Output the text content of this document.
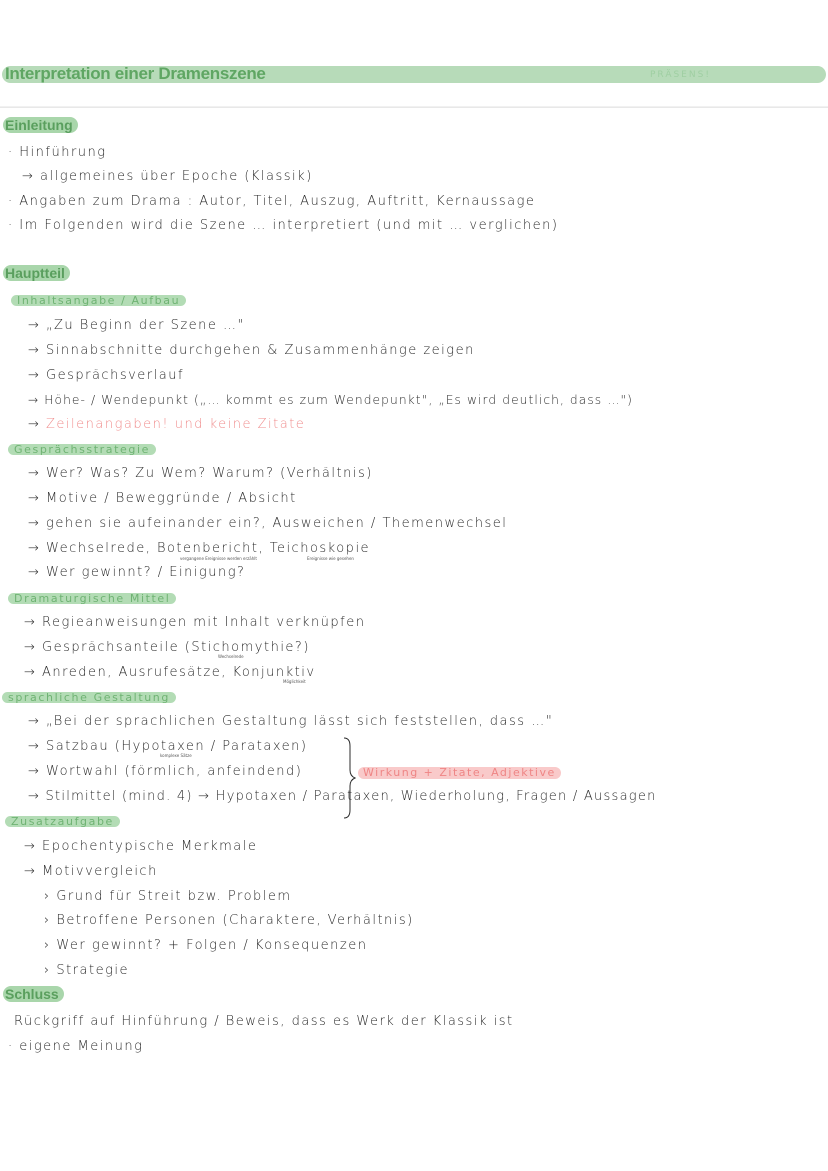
Interpretation einer Dramenszene	PRÄSENS!
Einleitung
· Hinführung
→ allgemeines über Epoche (Klassik)
· Angaben zum Drama : Autor, Titel, Auszug, Auftritt, Kernaussage
· Im Folgenden wird die Szene … interpretiert (und mit … verglichen)
Hauptteil
Inhaltsangabe / Aufbau
→ „Zu Beginn der Szene …"
→ Sinnabschnitte durchgehen & Zusammenhänge zeigen
→ Gesprächsverlauf
→ Höhe- / Wendepunkt („… kommt es zum Wendepunkt", „Es wird deutlich, dass …")
→ Zeilenangaben! und keine Zitate
Gesprächsstrategie
→ Wer? Was? Zu Wem? Warum? (Verhältnis)
→ Motive / Beweggründe / Absicht
→ gehen sie aufeinander ein?, Ausweichen / Themenwechsel
→ Wechselrede, Botenbericht, Teichoskopie
vergangene Ereignisse werden erzählt	Ereignisse wie gesehen
→ Wer gewinnt? / Einigung?
Dramaturgische Mittel
→ Regieanweisungen mit Inhalt verknüpfen
→ Gesprächsanteile (Stichomythie?)
Wechselrede
→ Anreden, Ausrufesätze, Konjunktiv
Möglichkeit
sprachliche Gestaltung
→ „Bei der sprachlichen Gestaltung lässt sich feststellen, dass …"
→ Satzbau (Hypotaxen / Parataxen)
komplexe Sätze
→ Wortwahl (förmlich, anfeindend)
→ Stilmittel (mind. 4) → Hypotaxen / Parataxen, Wiederholung, Fragen / Aussagen
Wirkung + Zitate, Adjektive
Zusatzaufgabe
→ Epochentypische Merkmale
→ Motivvergleich
› Grund für Streit bzw. Problem
› Betroffene Personen (Charaktere, Verhältnis)
› Wer gewinnt? + Folgen / Konsequenzen
› Strategie
Schluss
Rückgriff auf Hinführung / Beweis, dass es Werk der Klassik ist
· eigene Meinung
